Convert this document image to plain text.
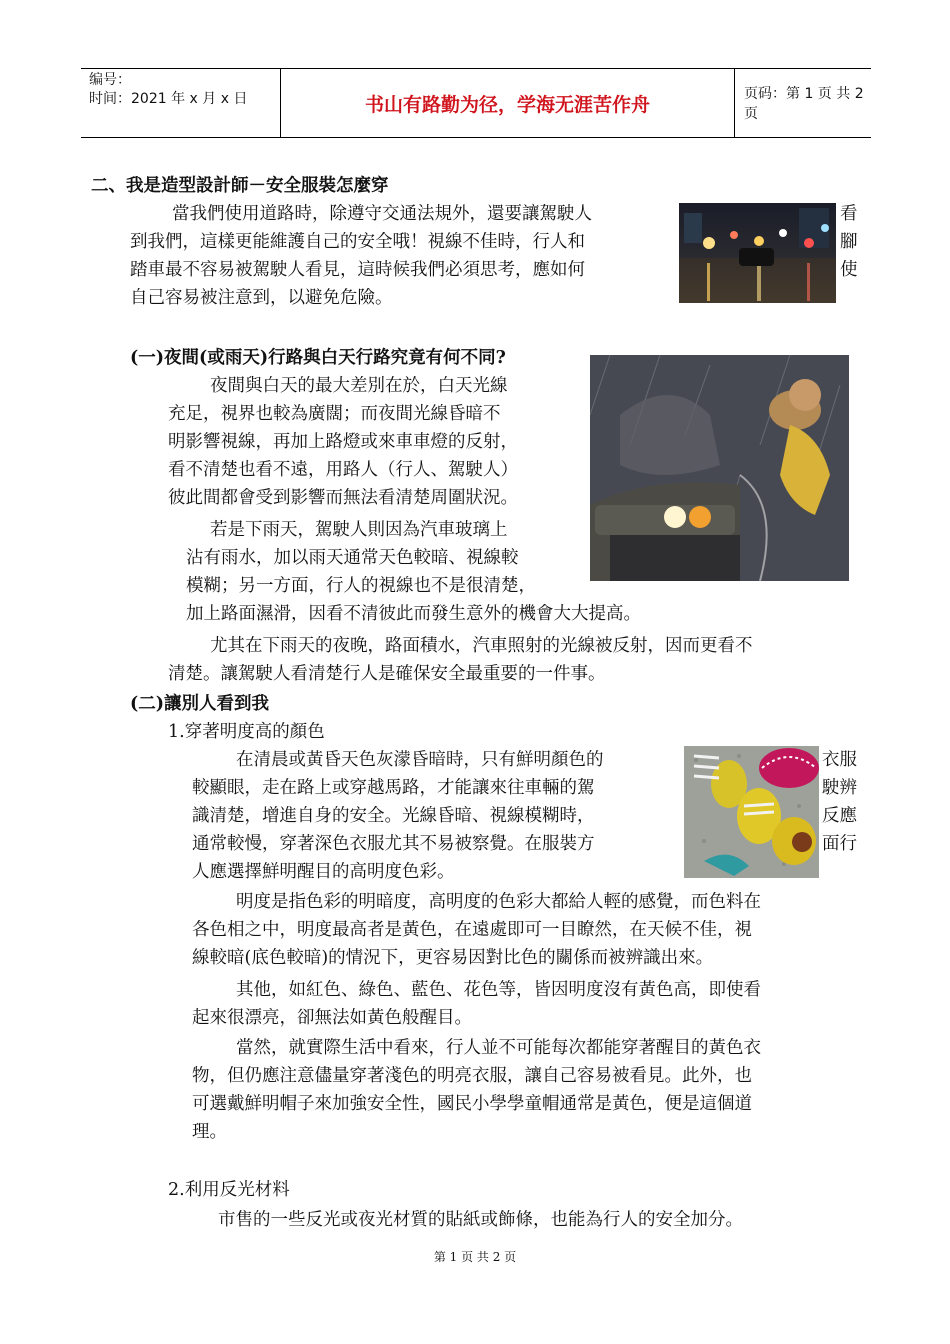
编号：
时间：2021 年 x 月 x 日	书山有路勤为径，学海无涯苦作舟	页码：第 1 页 共 2 页
二、我是造型設計師－安全服裝怎麼穿
當我們使用道路時，除遵守交通法規外，還要讓駕駛人
到我們，這樣更能維護自己的安全哦！視線不佳時，行人和
踏車最不容易被駕駛人看見，這時候我們必須思考，應如何
自己容易被注意到，以避免危險。
看
腳
使
(一)夜間(或雨天)行路與白天行路究竟有何不同?
夜間與白天的最大差別在於，白天光線
充足，視界也較為廣闊；而夜間光線昏暗不
明影響視線，再加上路燈或來車車燈的反射，
看不清楚也看不遠，用路人（行人、駕駛人）
彼此間都會受到影響而無法看清楚周圍狀況。
若是下雨天，駕駛人則因為汽車玻璃上
沾有雨水，加以雨天通常天色較暗、視線較
模糊；另一方面，行人的視線也不是很清楚，
加上路面濕滑，因看不清彼此而發生意外的機會大大提高。
尤其在下雨天的夜晚，路面積水，汽車照射的光線被反射，因而更看不
清楚。讓駕駛人看清楚行人是確保安全最重要的一件事。
(二)讓別人看到我
1.穿著明度高的顏色
在清晨或黃昏天色灰濛昏暗時，只有鮮明顏色的
較顯眼，走在路上或穿越馬路，才能讓來往車輛的駕
識清楚，增進自身的安全。光線昏暗、視線模糊時，
通常較慢，穿著深色衣服尤其不易被察覺。在服裝方
人應選擇鮮明醒目的高明度色彩。
衣服
駛辨
反應
面行
明度是指色彩的明暗度，高明度的色彩大都給人輕的感覺，而色料在
各色相之中，明度最高者是黃色，在遠處即可一目瞭然，在天候不佳，視
線較暗(底色較暗)的情況下，更容易因對比色的關係而被辨識出來。
其他，如紅色、綠色、藍色、花色等，皆因明度沒有黃色高，即使看
起來很漂亮，卻無法如黃色般醒目。
當然，就實際生活中看來，行人並不可能每次都能穿著醒目的黃色衣
物，但仍應注意儘量穿著淺色的明亮衣服，讓自己容易被看見。此外，也
可選戴鮮明帽子來加強安全性，國民小學學童帽通常是黃色，便是這個道
理。
2.利用反光材料
市售的一些反光或夜光材質的貼紙或飾條，也能為行人的安全加分。
第 1 页 共 2 页
